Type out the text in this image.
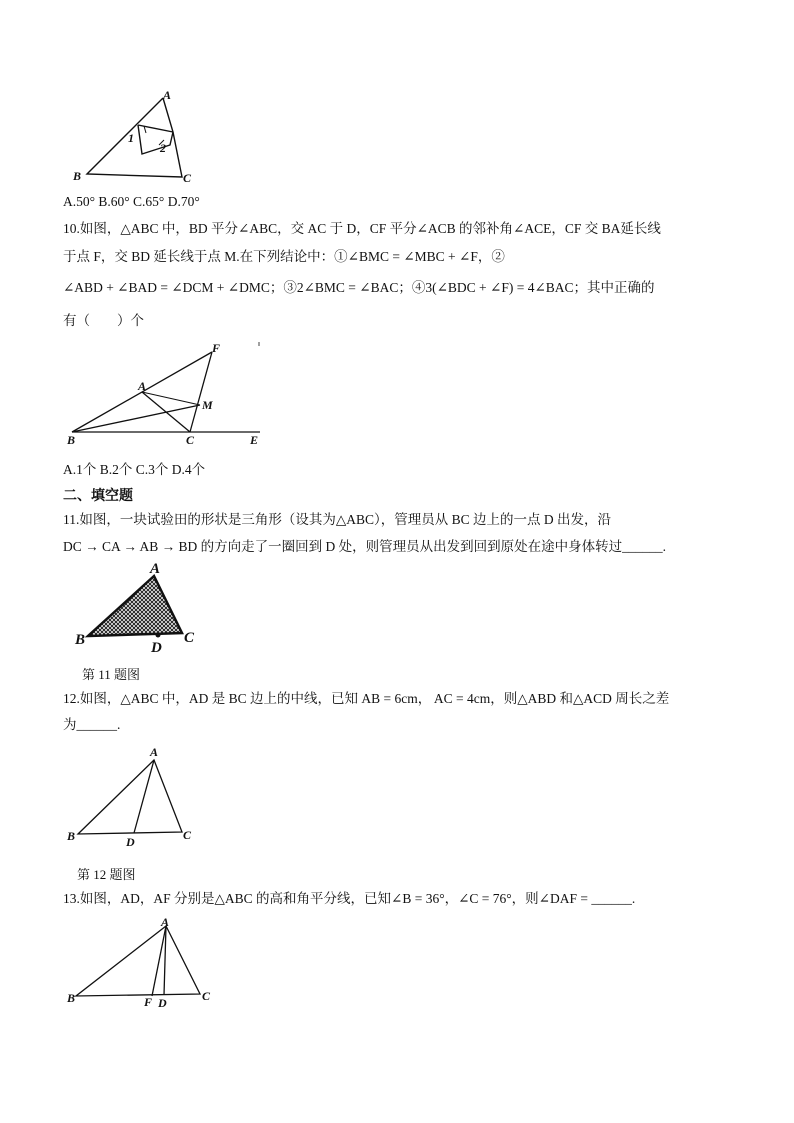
A
B	C
1
2
A.50° B.60° C.65° D.70°
10.如图，△ABC 中，BD 平分∠ABC，交 AC 于 D，CF 平分∠ACB 的邻补角∠ACE，CF 交 BA延长线
于点 F，交 BD 延长线于点 M.在下列结论中：①∠BMC = ∠MBC + ∠F，②
∠ABD + ∠BAD = ∠DCM + ∠DMC；③2∠BMC = ∠BAC；④3(∠BDC + ∠F) = 4∠BAC；其中正确的
有（　　）个
F
A
M
B	C	E
A.1个 B.2个 C.3个 D.4个
二、填空题
11.如图，一块试验田的形状是三角形（设其为△ABC），管理员从 BC 边上的一点 D 出发，沿
DC → CA → AB → BD 的方向走了一圈回到 D 处，则管理员从出发到回到原处在途中身体转过______.
A
B	C
D
第 11 题图
12.如图，△ABC 中，AD 是 BC 边上的中线，已知 AB = 6cm， AC = 4cm，则△ABD 和△ACD 周长之差
为______.
A
B	C
D
第 12 题图
13.如图，AD，AF 分别是△ABC 的高和角平分线，已知∠B = 36°，∠C = 76°，则∠DAF = ______.
A
B	C
F D
